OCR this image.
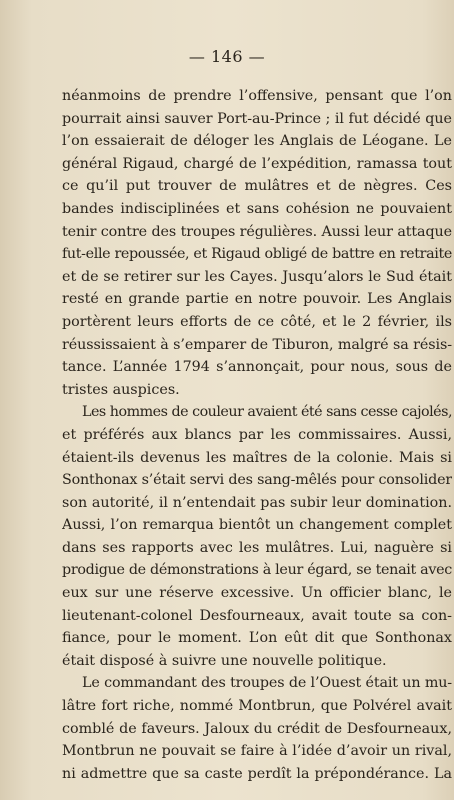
— 146 —
néanmoins de prendre l’offensive, pensant que l’on
pourrait ainsi sauver Port-au-Prince ; il fut décidé que
l’on essaierait de déloger les Anglais de Léogane. Le
général Rigaud, chargé de l’expédition, ramassa tout
ce qu’il put trouver de mulâtres et de nègres. Ces
bandes indisciplinées et sans cohésion ne pouvaient
tenir contre des troupes régulières. Aussi leur attaque
fut-elle repoussée, et Rigaud obligé de battre en retraite
et de se retirer sur les Cayes. Jusqu’alors le Sud était
resté en grande partie en notre pouvoir. Les Anglais
portèrent leurs efforts de ce côté, et le 2 février, ils
réussissaient à s’emparer de Tiburon, malgré sa résis-
tance. L’année 1794 s’annonçait, pour nous, sous de
tristes auspices.
Les hommes de couleur avaient été sans cesse cajolés,
et préférés aux blancs par les commissaires. Aussi,
étaient-ils devenus les maîtres de la colonie. Mais si
Sonthonax s’était servi des sang-mêlés pour consolider
son autorité, il n’entendait pas subir leur domination.
Aussi, l’on remarqua bientôt un changement complet
dans ses rapports avec les mulâtres. Lui, naguère si
prodigue de démonstrations à leur égard, se tenait avec
eux sur une réserve excessive. Un officier blanc, le
lieutenant-colonel Desfourneaux, avait toute sa con-
fiance, pour le moment. L’on eût dit que Sonthonax
était disposé à suivre une nouvelle politique.
Le commandant des troupes de l’Ouest était un mu-
lâtre fort riche, nommé Montbrun, que Polvérel avait
comblé de faveurs. Jaloux du crédit de Desfourneaux,
Montbrun ne pouvait se faire à l’idée d’avoir un rival,
ni admettre que sa caste perdît la prépondérance. La
